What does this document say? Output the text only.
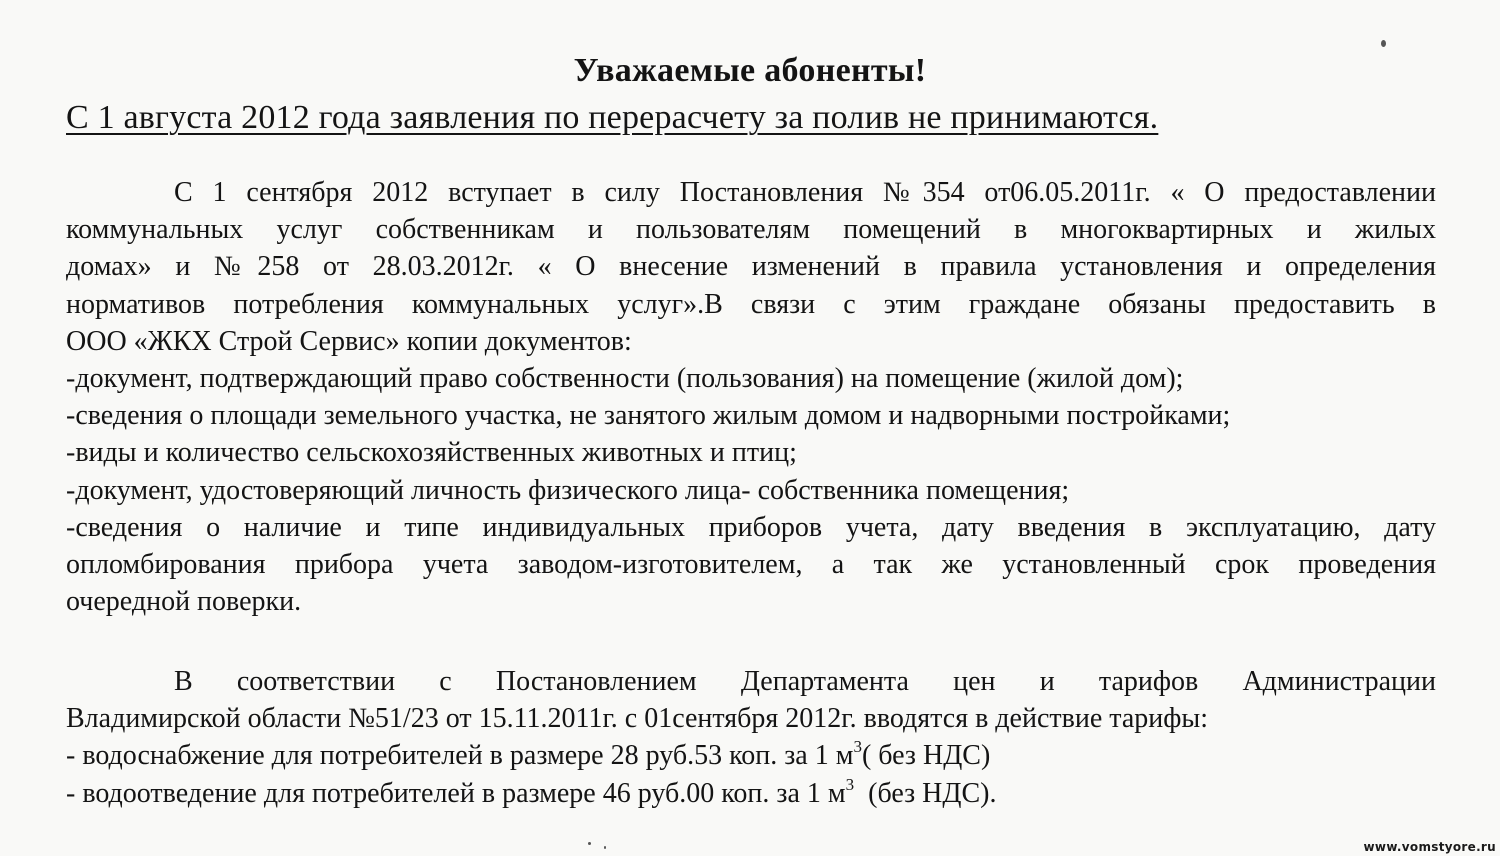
Уважаемые абоненты!
С 1 августа 2012 года заявления по перерасчету за полив не принимаются.
С 1 сентября 2012 вступает в силу Постановления №354 от06.05.2011г. « О предоставлении
коммунальных услуг собственникам и пользователям помещений в многоквартирных и жилых
домах» и №258 от 28.03.2012г. « О внесение изменений в правила установления и определения
нормативов потребления коммунальных услуг».В связи с этим граждане обязаны предоставить в
ООО «ЖКХ Строй Сервис» копии документов:
-документ, подтверждающий право собственности (пользования) на помещение (жилой дом);
-сведения о площади земельного участка, не занятого жилым домом и надворными постройками;
-виды и количество сельскохозяйственных животных и птиц;
-документ, удостоверяющий личность физического лица- собственника помещения;
-сведения о наличие и типе индивидуальных приборов учета, дату введения в эксплуатацию, дату
опломбирования прибора учета заводом-изготовителем, а так же установленный срок проведения
очередной поверки.
В соответствии с Постановлением Департамента цен и тарифов Администрации
Владимирской области №51/23 от 15.11.2011г. с 01сентября 2012г. вводятся в действие тарифы:
- водоснабжение для потребителей в размере 28 руб.53 коп. за 1 $м^3$( без НДС)
- водоотведение для потребителей в размере 46 руб.00 коп. за 1 $м^3$  (без НДС).
www.vomstyore.ru
